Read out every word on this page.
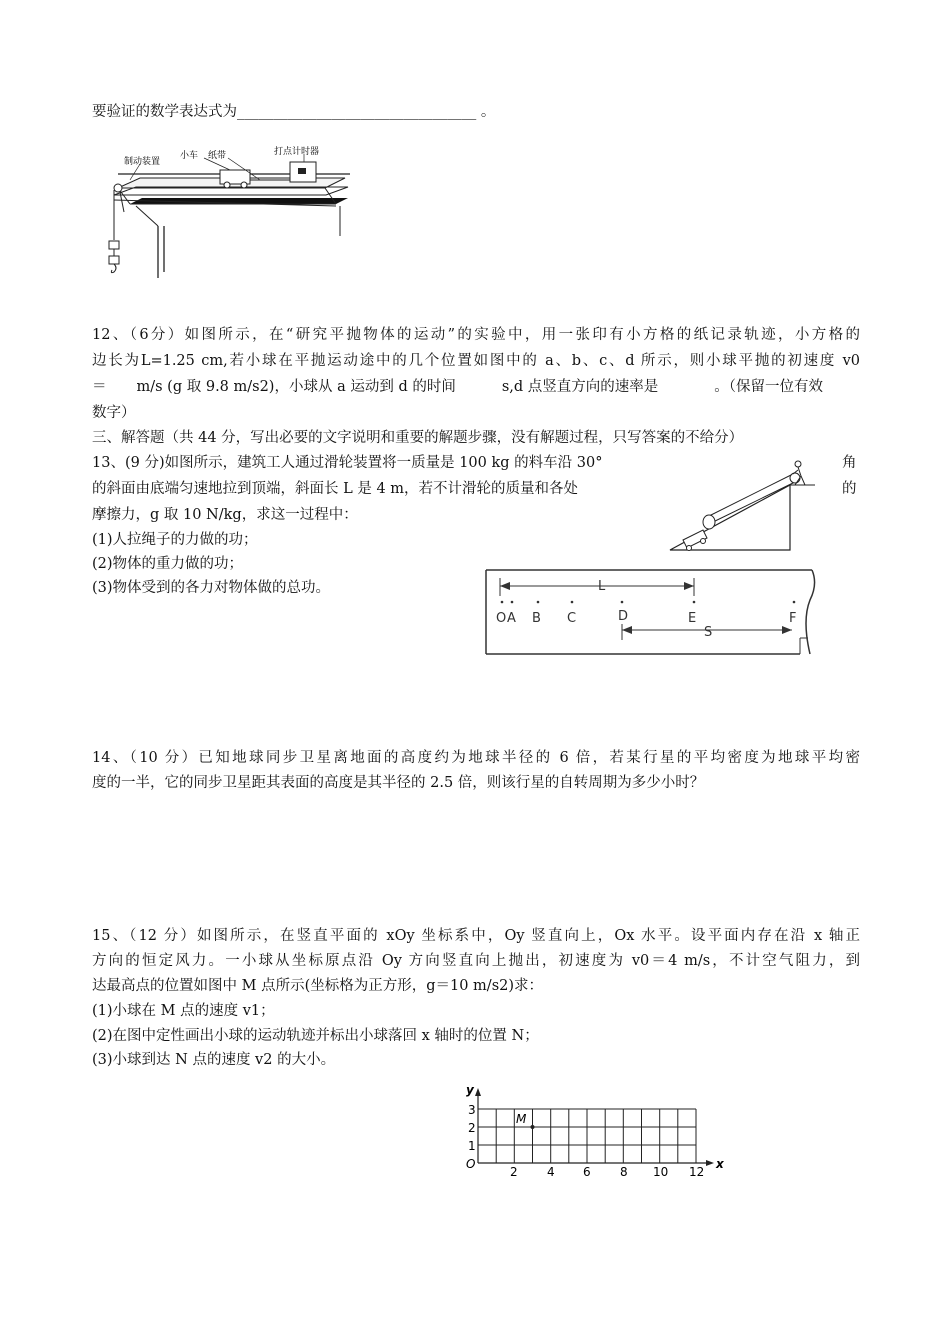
要验证的数学表达式为_________________________________ 。
制动装置
小车 纸带	打点计时器
12、（6分）如图所示，在“研究平抛物体的运动”的实验中，用一张印有小方格的纸记录轨迹，小方格的
边长为L=1.25 cm,若小球在平抛运动途中的几个位置如图中的 a、b、c、d 所示，则小球平抛的初速度 v0
＝ m/s (g 取 9.8 m/s2)，小球从 a 运动到 d 的时间	s,d 点竖直方向的速率是	。（保留一位有效
数字）
三、解答题（共 44 分，写出必要的文字说明和重要的解题步骤，没有解题过程，只写答案的不给分）
13、(9 分)如图所示，建筑工人通过滑轮装置将一质量是 100 kg 的料车沿 30°	角
的斜面由底端匀速地拉到顶端，斜面长 L 是 4 m，若不计滑轮的质量和各处	的
摩擦力，g 取 10 N/kg，求这一过程中：
(1)人拉绳子的力做的功；
(2)物体的重力做的功；
(3)物体受到的各力对物体做的总功。	L
O A B C	D	E	F
S
14、（10 分）已知地球同步卫星离地面的高度约为地球半径的 6 倍，若某行星的平均密度为地球平均密
度的一半，它的同步卫星距其表面的高度是其半径的 2.5 倍，则该行星的自转周期为多少小时？
15、（12 分）如图所示，在竖直平面的 xOy 坐标系中，Oy 竖直向上，Ox 水平。设平面内存在沿 x 轴正
方向的恒定风力。一小球从坐标原点沿 Oy 方向竖直向上抛出，初速度为 v0＝4 m/s，不计空气阻力，到
达最高点的位置如图中 M 点所示(坐标格为正方形，g＝10 m/s2)求：
(1)小球在 M 点的速度 v1；
(2)在图中定性画出小球的运动轨迹并标出小球落回 x 轴时的位置 N；
(3)小球到达 N 点的速度 v2 的大小。
M
y
x
O
3
2
1
2 4 6 8 10 12
